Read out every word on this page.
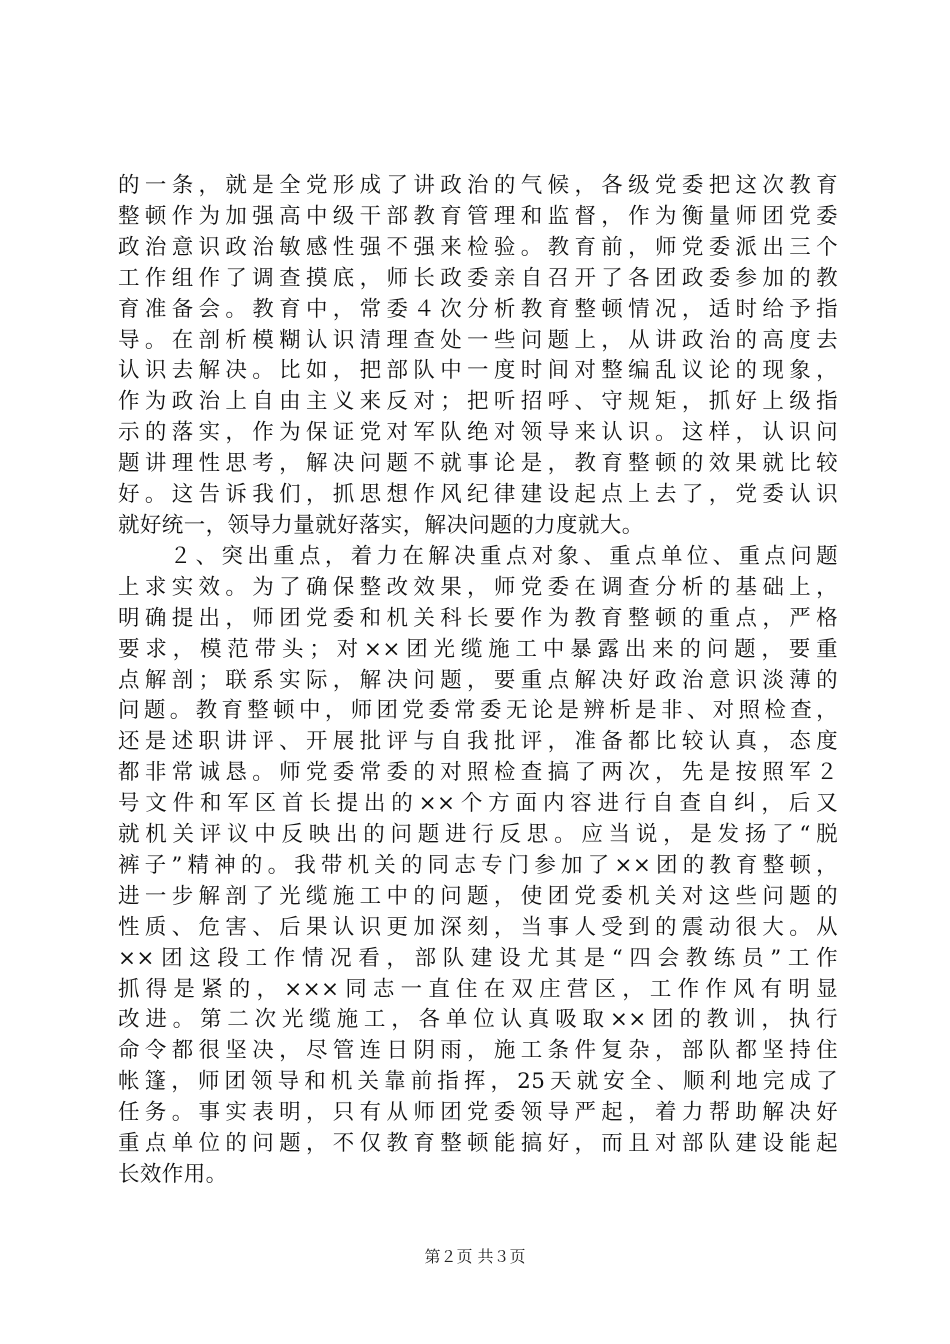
的一条，就是全党形成了讲政治的气候，各级党委把这次教育
整顿作为加强高中级干部教育管理和监督，作为衡量师团党委
政治意识政治敏感性强不强来检验。教育前，师党委派出三个
工作组作了调查摸底，师长政委亲自召开了各团政委参加的教
育准备会。教育中，常委４次分析教育整顿情况，适时给予指
导。在剖析模糊认识清理查处一些问题上，从讲政治的高度去
认识去解决。比如，把部队中一度时间对整编乱议论的现象，
作为政治上自由主义来反对；把听招呼、守规矩，抓好上级指
示的落实，作为保证党对军队绝对领导来认识。这样，认识问
题讲理性思考，解决问题不就事论是，教育整顿的效果就比较
好。这告诉我们，抓思想作风纪律建设起点上去了，党委认识
就好统一，领导力量就好落实，解决问题的力度就大。
　　２、突出重点，着力在解决重点对象、重点单位、重点问题
上求实效。为了确保整改效果，师党委在调查分析的基础上，
明确提出，师团党委和机关科长要作为教育整顿的重点，严格
要求，模范带头；对××团光缆施工中暴露出来的问题，要重
点解剖；联系实际，解决问题，要重点解决好政治意识淡薄的
问题。教育整顿中，师团党委常委无论是辨析是非、对照检查，
还是述职讲评、开展批评与自我批评，准备都比较认真，态度
都非常诚恳。师党委常委的对照检查搞了两次，先是按照军２
号文件和军区首长提出的××个方面内容进行自查自纠，后又
就机关评议中反映出的问题进行反思。应当说，是发扬了“脱
裤子”精神的。我带机关的同志专门参加了××团的教育整顿，
进一步解剖了光缆施工中的问题，使团党委机关对这些问题的
性质、危害、后果认识更加深刻，当事人受到的震动很大。从
××团这段工作情况看，部队建设尤其是“四会教练员”工作
抓得是紧的，×××同志一直住在双庄营区，工作作风有明显
改进。第二次光缆施工，各单位认真吸取××团的教训，执行
命令都很坚决，尽管连日阴雨，施工条件复杂，部队都坚持住
帐篷，师团领导和机关靠前指挥，25天就安全、顺利地完成了
任务。事实表明，只有从师团党委领导严起，着力帮助解决好
重点单位的问题，不仅教育整顿能搞好，而且对部队建设能起
长效作用。
第２页 共３页
